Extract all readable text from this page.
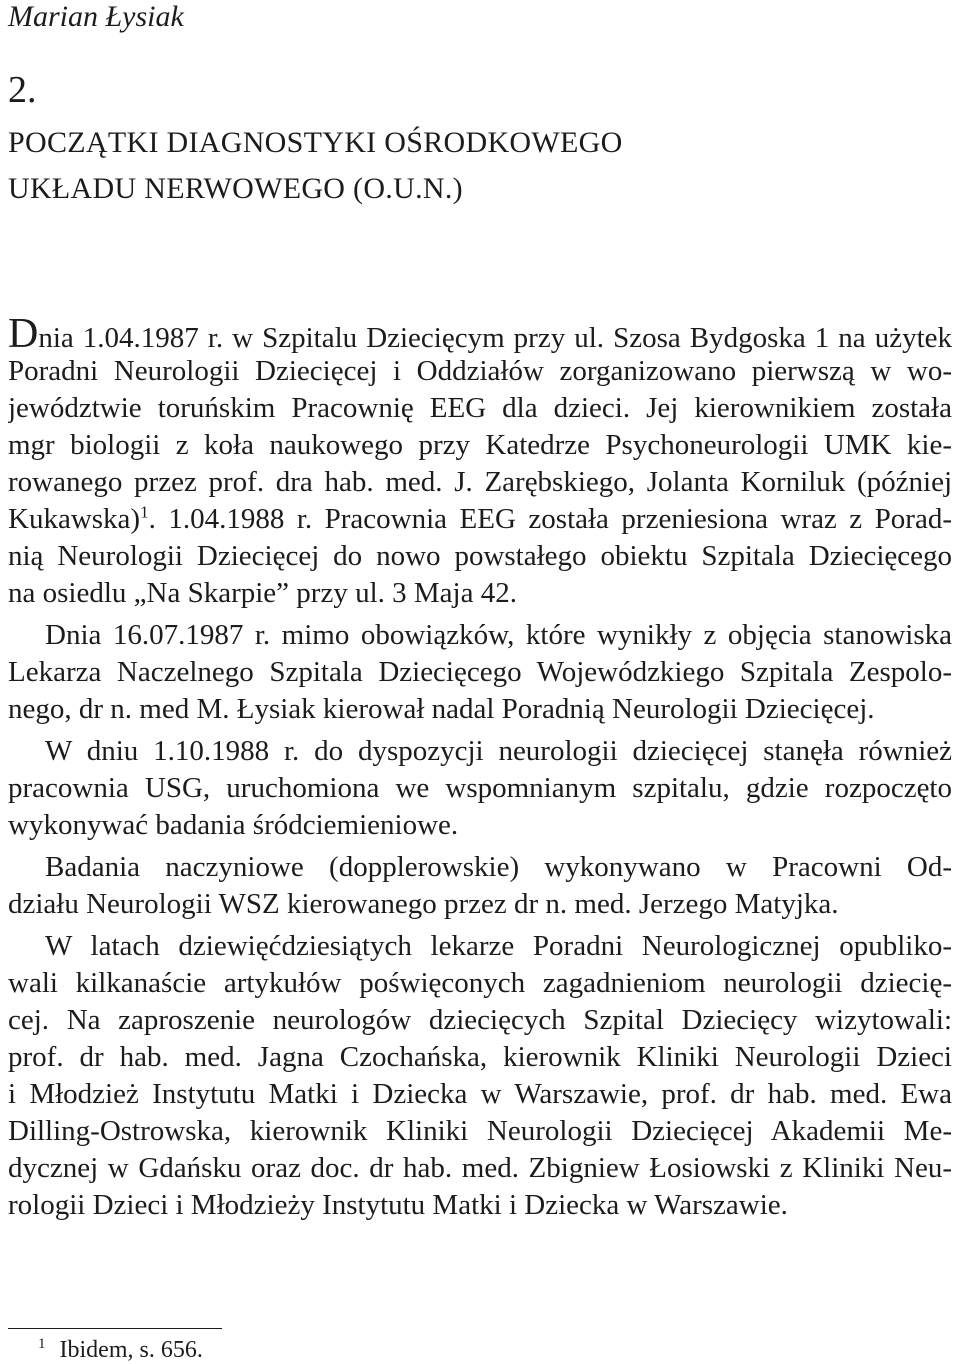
Marian Łysiak
2.
POCZĄTKI DIAGNOSTYKI OŚRODKOWEGO
UKŁADU NERWOWEGO (O.U.N.)
Dnia 1.04.1987 r. w Szpitalu Dziecięcym przy ul. Szosa Bydgoska 1 na użytek
Poradni Neurologii Dziecięcej i Oddziałów zorganizowano pierwszą w wo-
jewództwie toruńskim Pracownię EEG dla dzieci. Jej kierownikiem została
mgr biologii z koła naukowego przy Katedrze Psychoneurologii UMK kie-
rowanego przez prof. dra hab. med. J. Zarębskiego, Jolanta Korniluk (później
Kukawska)$^1$. 1.04.1988 r. Pracownia EEG została przeniesiona wraz z Porad-
nią Neurologii Dziecięcej do nowo powstałego obiektu Szpitala Dziecięcego
na osiedlu „Na Skarpie” przy ul. 3 Maja 42.
Dnia 16.07.1987 r. mimo obowiązków, które wynikły z objęcia stanowiska
Lekarza Naczelnego Szpitala Dziecięcego Wojewódzkiego Szpitala Zespolo-
nego, dr n. med M. Łysiak kierował nadal Poradnią Neurologii Dziecięcej.
W dniu 1.10.1988 r. do dyspozycji neurologii dziecięcej stanęła również
pracownia USG, uruchomiona we wspomnianym szpitalu, gdzie rozpoczęto
wykonywać badania śródciemieniowe.
Badania naczyniowe (dopplerowskie) wykonywano w Pracowni Od-
działu Neurologii WSZ kierowanego przez dr n. med. Jerzego Matyjka.
W latach dziewięćdziesiątych lekarze Poradni Neurologicznej opubliko-
wali kilkanaście artykułów poświęconych zagadnieniom neurologii dziecię-
cej. Na zaproszenie neurologów dziecięcych Szpital Dziecięcy wizytowali:
prof. dr hab. med. Jagna Czochańska, kierownik Kliniki Neurologii Dzieci
i Młodzież Instytutu Matki i Dziecka w Warszawie, prof. dr hab. med. Ewa
Dilling-Ostrowska, kierownik Kliniki Neurologii Dziecięcej Akademii Me-
dycznej w Gdańsku oraz doc. dr hab. med. Zbigniew Łosiowski z Kliniki Neu-
rologii Dzieci i Młodzieży Instytutu Matki i Dziecka w Warszawie.
$^1$ Ibidem, s. 656.
